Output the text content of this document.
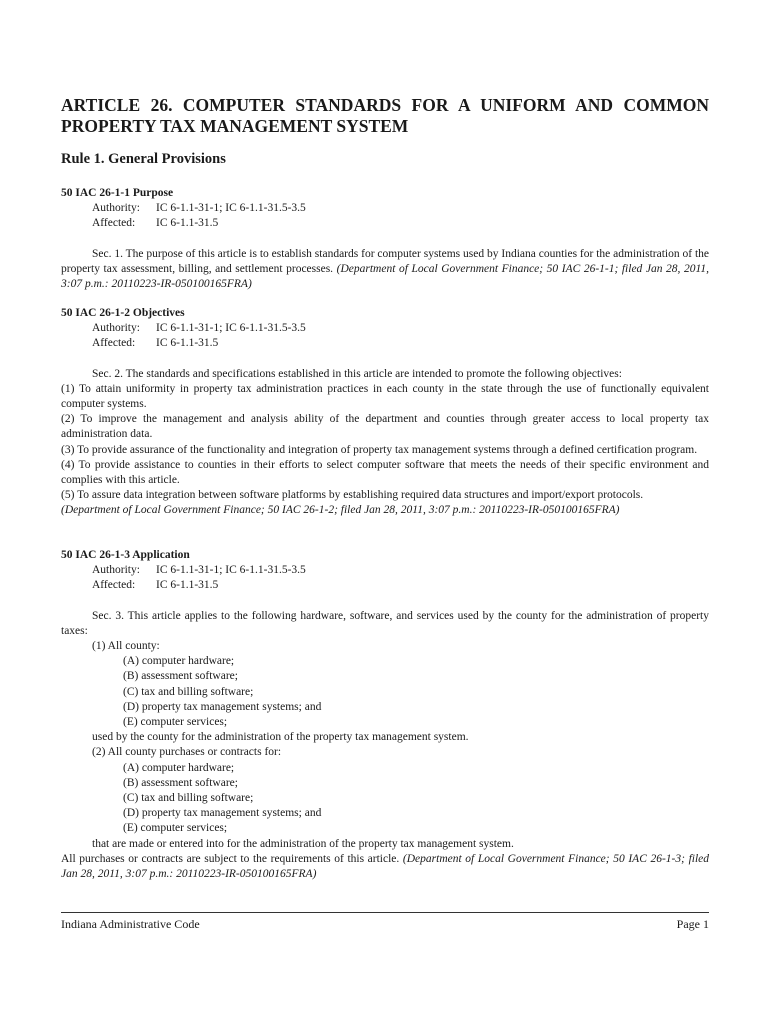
ARTICLE 26. COMPUTER STANDARDS FOR A UNIFORM AND COMMON PROPERTY TAX MANAGEMENT SYSTEM
Rule 1. General Provisions

50 IAC 26-1-1 Purpose

Authority: IC 6-1.1-31-1; IC 6-1.1-31.5-3.5

Affected: IC 6-1.1-31.5

Sec. 1. The purpose of this article is to establish standards for computer systems used by Indiana counties for the administration of the property tax assessment, billing, and settlement processes. (Department of Local Government Finance; 50 IAC 26-1-1; filed Jan 28, 2011, 3:07 p.m.: 20110223-IR-050100165FRA)

50 IAC 26-1-2 Objectives

Authority: IC 6-1.1-31-1; IC 6-1.1-31.5-3.5

Affected: IC 6-1.1-31.5

Sec. 2. The standards and specifications established in this article are intended to promote the following objectives:

(1) To attain uniformity in property tax administration practices in each county in the state through the use of functionally equivalent computer systems.

(2) To improve the management and analysis ability of the department and counties through greater access to local property tax administration data.

(3) To provide assurance of the functionality and integration of property tax management systems through a defined certification program.

(4) To provide assistance to counties in their efforts to select computer software that meets the needs of their specific environment and complies with this article.

(5) To assure data integration between software platforms by establishing required data structures and import/export protocols.

(Department of Local Government Finance; 50 IAC 26-1-2; filed Jan 28, 2011, 3:07 p.m.: 20110223-IR-050100165FRA)

50 IAC 26-1-3 Application

Authority: IC 6-1.1-31-1; IC 6-1.1-31.5-3.5

Affected: IC 6-1.1-31.5

Sec. 3. This article applies to the following hardware, software, and services used by the county for the administration of property taxes:

(1) All county:

(A) computer hardware;

(B) assessment software;

(C) tax and billing software;

(D) property tax management systems; and

(E) computer services;

used by the county for the administration of the property tax management system.

(2) All county purchases or contracts for:

(A) computer hardware;

(B) assessment software;

(C) tax and billing software;

(D) property tax management systems; and

(E) computer services;

that are made or entered into for the administration of the property tax management system.

All purchases or contracts are subject to the requirements of this article. (Department of Local Government Finance; 50 IAC 26-1-3; filed Jan 28, 2011, 3:07 p.m.: 20110223-IR-050100165FRA)

Indiana Administrative Code	Page 1
